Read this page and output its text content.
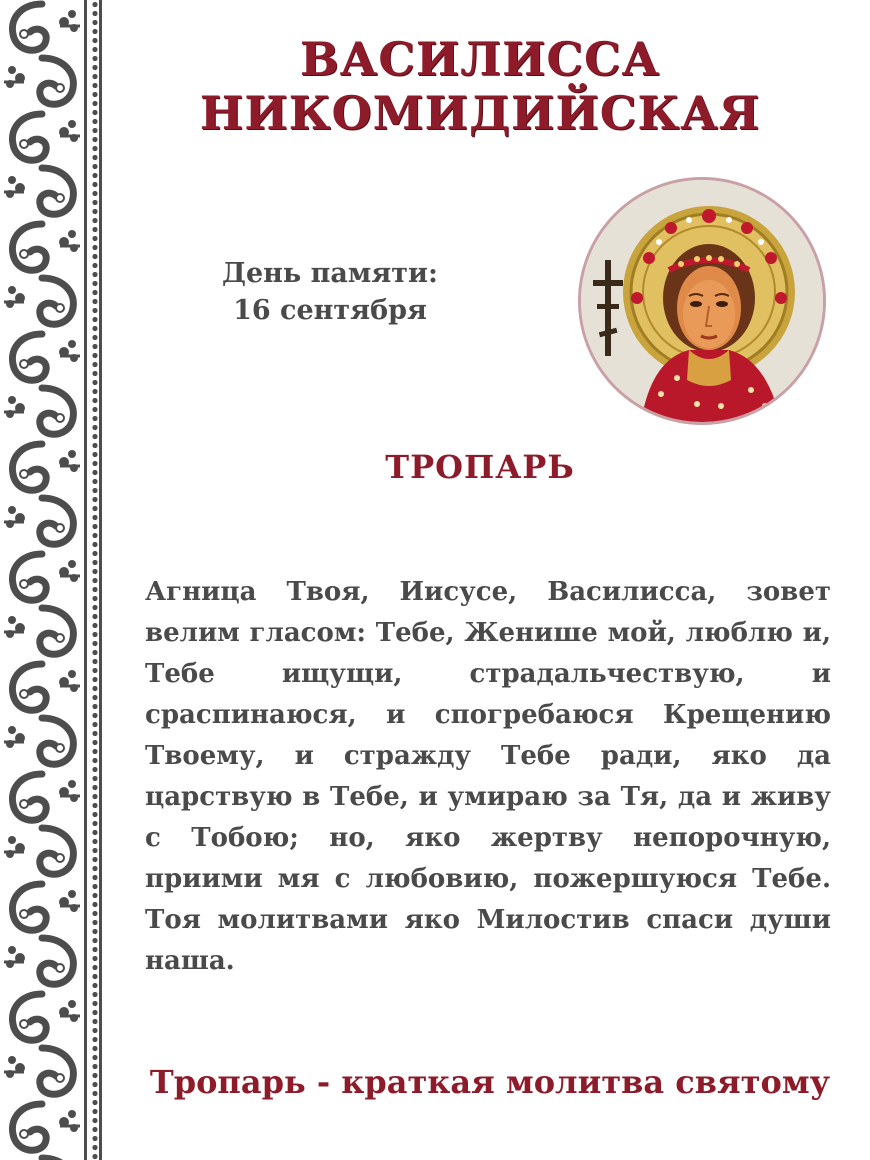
ВАСИЛИССА
НИКОМИДИЙСКАЯ
День памяти:
16 сентября
ТРОПАРЬ
Агница Твоя, Иисусе, Василисса, зовет велим гласом: Тебе, Женише мой, люблю и, Тебе ищущи, страдальчествую, и сраспинаюся, и спогребаюся Крещению Твоему, и стражду Тебе ради, яко да царствую в Тебе, и умираю за Тя, да и живу с Тобою; но, яко жертву непорочную, приими мя с любовию, пожершуюся Тебе. Тоя молитвами яко Милостив спаси души наша.
Тропарь - краткая молитва святому
